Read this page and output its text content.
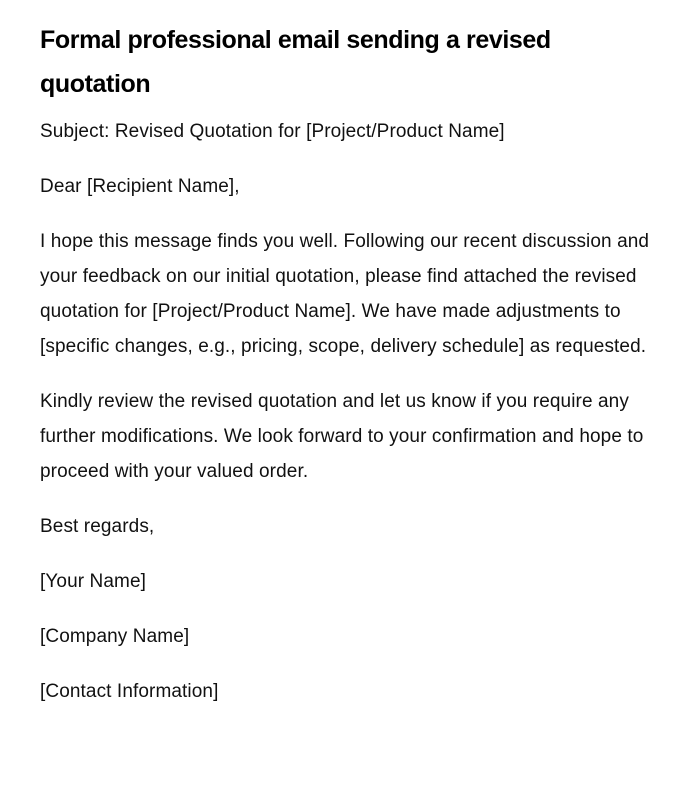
Formal professional email sending a revised quotation

Subject: Revised Quotation for [Project/Product Name]

Dear [Recipient Name],

I hope this message finds you well. Following our recent discussion and your feedback on our initial quotation, please find attached the revised quotation for [Project/Product Name]. We have made adjustments to [specific changes, e.g., pricing, scope, delivery schedule] as requested.

Kindly review the revised quotation and let us know if you require any further modifications. We look forward to your confirmation and hope to proceed with your valued order.

Best regards,

[Your Name]

[Company Name]

[Contact Information]
